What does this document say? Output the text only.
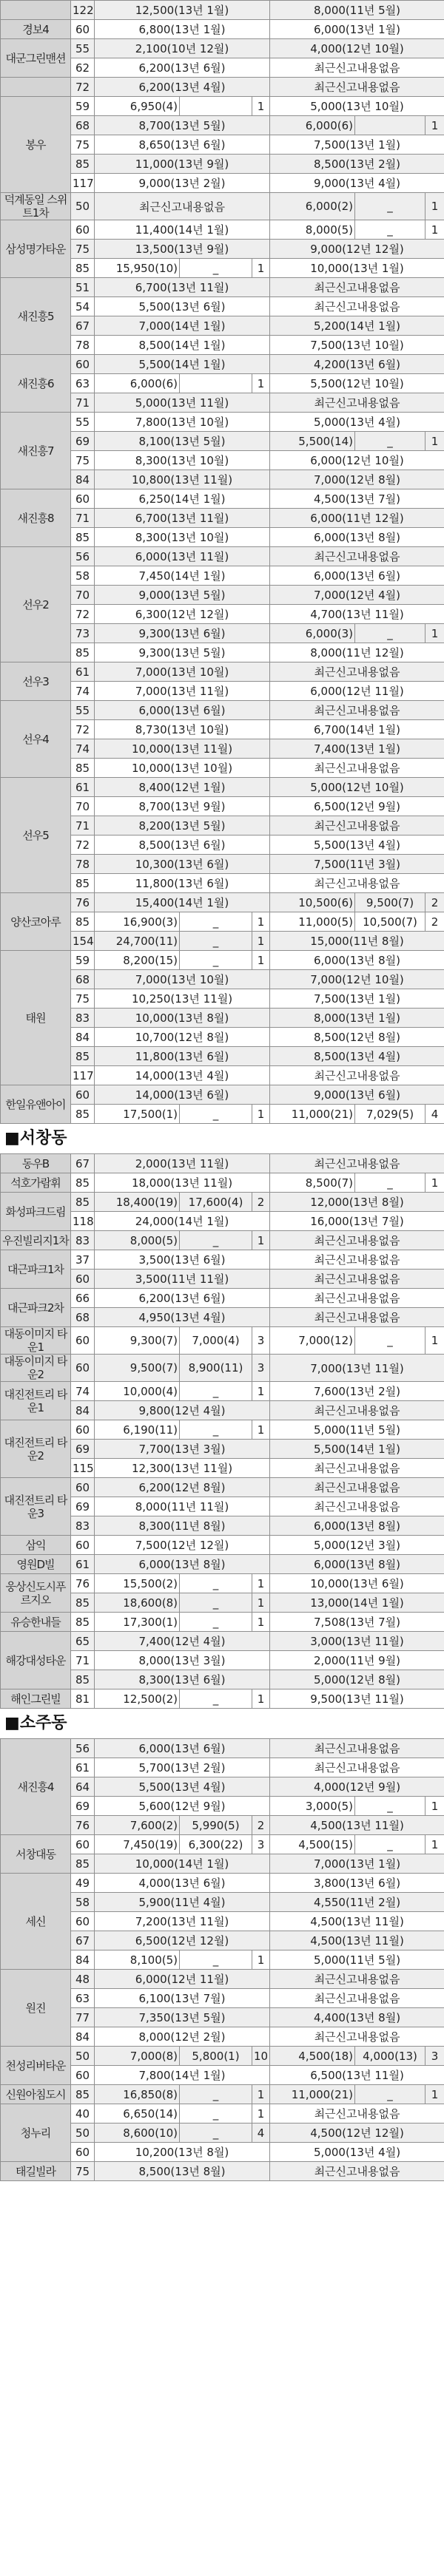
	122	12,500(13년 1월)			8,000(11년 5월)		
경보4	60	6,800(13년 1월)			6,000(13년 1월)		
대군그린맨션	55	2,100(10년 12월)			4,000(12년 10월)		
	62	6,200(13년 6월)			최근신고내용없음		
	72	6,200(13년 4월)			최근신고내용없음		
봉우	59	6,950(4)		1	5,000(13년 10월)		
	68	8,700(13년 5월)			6,000(6)		1
	75	8,650(13년 6월)			7,500(13년 1월)		
	85	11,000(13년 9월)			8,500(13년 2월)		
	117	9,000(13년 2월)			9,000(13년 4월)		
덕계동일 스위트1차	50	최근신고내용없음			6,000(2)	_	1
삼성명가타운	60	11,400(14년 1월)			8,000(5)	_	1
	75	13,500(13년 9월)			9,000(12년 12월)		
	85	15,950(10)	_	1	10,000(13년 1월)		
새진흥5	51	6,700(13년 11월)			최근신고내용없음		
	54	5,500(13년 6월)			최근신고내용없음		
	67	7,000(14년 1월)			5,200(14년 1월)		
	78	8,500(14년 1월)			7,500(13년 10월)		
새진흥6	60	5,500(14년 1월)			4,200(13년 6월)		
	63	6,000(6)		1	5,500(12년 10월)		
	71	5,000(13년 11월)			최근신고내용없음		
새진흥7	55	7,800(13년 10월)			5,000(13년 4월)		
	69	8,100(13년 5월)			5,500(14)	_	1
	75	8,300(13년 10월)			6,000(12년 10월)		
	84	10,800(13년 11월)			7,000(12년 8월)		
새진흥8	60	6,250(14년 1월)			4,500(13년 7월)		
	71	6,700(13년 11월)			6,000(11년 12월)		
	85	8,300(13년 10월)			6,000(13년 8월)		
선우2	56	6,000(13년 11월)			최근신고내용없음		
	58	7,450(14년 1월)			6,000(13년 6월)		
	70	9,000(13년 5월)			7,000(12년 4월)		
	72	6,300(12년 12월)			4,700(13년 11월)		
	73	9,300(13년 6월)			6,000(3)	_	1
	85	9,300(13년 5월)			8,000(11년 12월)		
선우3	61	7,000(13년 10월)			최근신고내용없음		
	74	7,000(13년 11월)			6,000(12년 11월)		
선우4	55	6,000(13년 6월)			최근신고내용없음		
	72	8,730(13년 10월)			6,700(14년 1월)		
	74	10,000(13년 11월)			7,400(13년 1월)		
	85	10,000(13년 10월)			최근신고내용없음		
선우5	61	8,400(12년 1월)			5,000(12년 10월)		
	70	8,700(13년 9월)			6,500(12년 9월)		
	71	8,200(13년 5월)			최근신고내용없음		
	72	8,500(13년 6월)			5,500(13년 4월)		
	78	10,300(13년 6월)			7,500(11년 3월)		
	85	11,800(13년 6월)			최근신고내용없음		
양산코아루	76	15,400(14년 1월)			10,500(6)	9,500(7)	2
	85	16,900(3)	_	1	11,000(5)	10,500(7)	2
	154	24,700(11)	_	1	15,000(11년 8월)		
태원	59	8,200(15)	_	1	6,000(13년 8월)		
	68	7,000(13년 10월)			7,000(12년 10월)		
	75	10,250(13년 11월)			7,500(13년 1월)		
	83	10,000(13년 8월)			8,000(13년 1월)		
	84	10,700(12년 8월)			8,500(12년 8월)		
	85	11,800(13년 6월)			8,500(13년 4월)		
	117	14,000(13년 4월)			최근신고내용없음		
한일유앤아이	60	14,000(13년 6월)			9,000(13년 6월)		
	85	17,500(1)	_	1	11,000(21)	7,029(5)	4
■서창동
동우B	67	2,000(13년 11월)			최근신고내용없음		
석호가람휘	85	18,000(13년 11월)			8,500(7)	_	1
화성파크드림	85	18,400(19)	17,600(4)	2	12,000(13년 8월)		
	118	24,000(14년 1월)			16,000(13년 7월)		
우진빌리지1차	83	8,000(5)	_	1	최근신고내용없음		
대근파크1차	37	3,500(13년 6월)			최근신고내용없음		
	60	3,500(11년 11월)			최근신고내용없음		
대근파크2차	66	6,200(13년 6월)			최근신고내용없음		
	68	4,950(13년 4월)			최근신고내용없음		
대동이미지 타운1	60	9,300(7)	7,000(4)	3	7,000(12)	_	1
대동이미지 타운2	60	9,500(7)	8,900(11)	3	7,000(13년 11월)		
대진전트리 타운1	74	10,000(4)	_	1	7,600(13년 2월)		
	84	9,800(12년 4월)			최근신고내용없음		
대진전트리 타운2	60	6,190(11)	_	1	5,000(11년 5월)		
	69	7,700(13년 3월)			5,500(14년 1월)		
	115	12,300(13년 11월)			최근신고내용없음		
대진전트리 타운3	60	6,200(12년 8월)			최근신고내용없음		
	69	8,000(11년 11월)			최근신고내용없음		
	83	8,300(11년 8월)			6,000(13년 8월)		
삼익	60	7,500(12년 12월)			5,000(12년 3월)		
영원D빌	61	6,000(13년 8월)			6,000(13년 8월)		
웅상신도시푸 르지오	76	15,500(2)	_	1	10,000(13년 6월)		
	85	18,600(8)	_	1	13,000(14년 1월)		
유승한내들	85	17,300(1)	_	1	7,508(13년 7월)		
해강대성타운	65	7,400(12년 4월)			3,000(13년 11월)		
	71	8,000(13년 3월)			2,000(11년 9월)		
	85	8,300(13년 6월)			5,000(12년 8월)		
해인그린빌	81	12,500(2)	_	1	9,500(13년 11월)		
■소주동
새진흥4	56	6,000(13년 6월)			최근신고내용없음		
	61	5,700(13년 2월)			최근신고내용없음		
	64	5,500(13년 4월)			4,000(12년 9월)		
	69	5,600(12년 9월)			3,000(5)	_	1
	76	7,600(2)	5,990(5)	2	4,500(13년 11월)		
서창대동	60	7,450(19)	6,300(22)	3	4,500(15)	_	1
	85	10,000(14년 1월)			7,000(13년 1월)		
세신	49	4,000(13년 6월)			3,800(13년 6월)		
	58	5,900(11년 4월)			4,550(11년 2월)		
	60	7,200(13년 11월)			4,500(13년 11월)		
	67	6,500(12년 12월)			4,500(13년 11월)		
	84	8,100(5)	_	1	5,000(11년 5월)		
원진	48	6,000(12년 11월)			최근신고내용없음		
	63	6,100(13년 7월)			최근신고내용없음		
	77	7,350(13년 5월)			4,400(13년 8월)		
	84	8,000(12년 2월)			최근신고내용없음		
천성리버타운	50	7,000(8)	5,800(1)	10	4,500(18)	4,000(13)	3
	60	7,800(14년 1월)			6,500(13년 11월)		
신원아침도시	85	16,850(8)	_	1	11,000(21)	_	1
청누리	40	6,650(14)	_	1	최근신고내용없음		
	50	8,600(10)	_	4	4,500(12년 12월)		
	60	10,200(13년 8월)			5,000(13년 4월)		
태길빌라	75	8,500(13년 8월)			최근신고내용없음		
